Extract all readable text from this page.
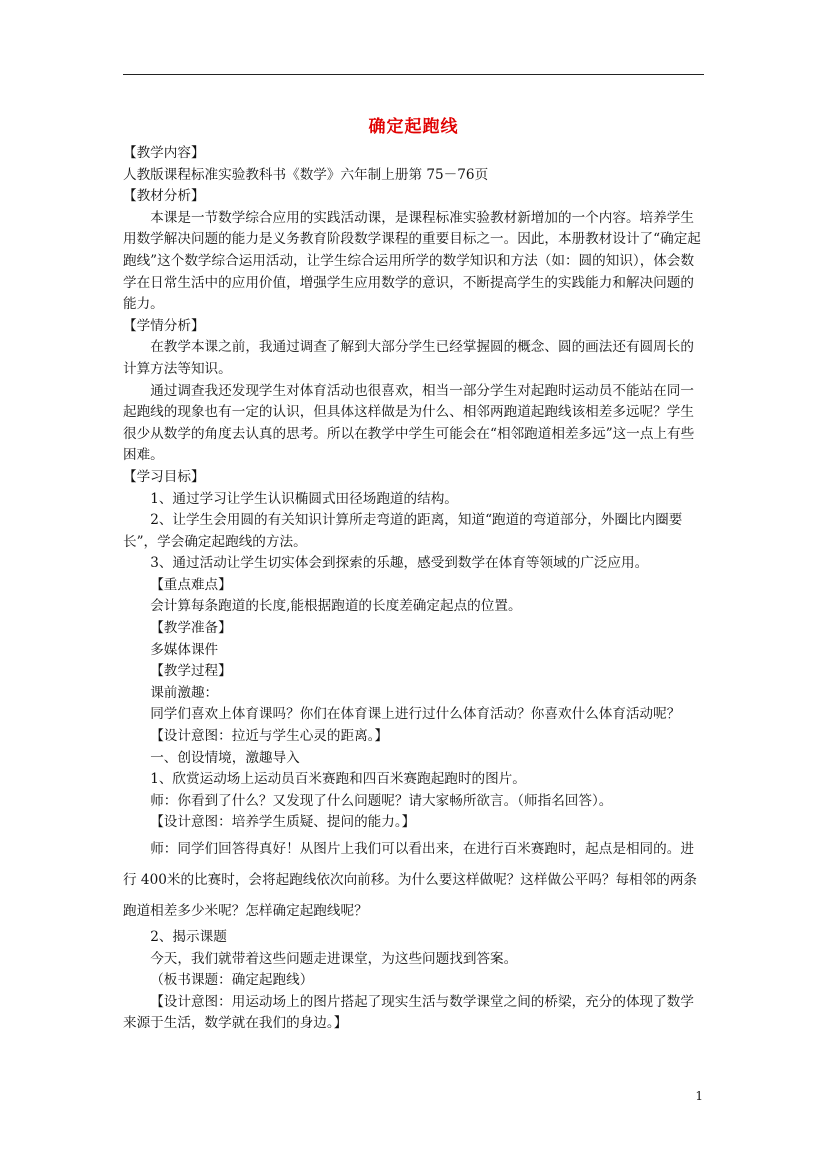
确定起跑线

【教学内容】

人教版课程标准实验教科书《数学》六年制上册第 75－76页

【教材分析】

本课是一节数学综合应用的实践活动课，是课程标准实验教材新增加的一个内容。培养学生用数学解决问题的能力是义务教育阶段数学课程的重要目标之一。因此，本册教材设计了“确定起跑线”这个数学综合运用活动，让学生综合运用所学的数学知识和方法（如：圆的知识），体会数学在日常生活中的应用价值，增强学生应用数学的意识，不断提高学生的实践能力和解决问题的能力。

【学情分析】

在教学本课之前，我通过调查了解到大部分学生已经掌握圆的概念、圆的画法还有圆周长的计算方法等知识。

通过调查我还发现学生对体育活动也很喜欢，相当一部分学生对起跑时运动员不能站在同一起跑线的现象也有一定的认识，但具体这样做是为什么、相邻两跑道起跑线该相差多远呢？学生很少从数学的角度去认真的思考。所以在教学中学生可能会在“相邻跑道相差多远”这一点上有些困难。

【学习目标】

1、通过学习让学生认识椭圆式田径场跑道的结构。

2、让学生会用圆的有关知识计算所走弯道的距离，知道“跑道的弯道部分，外圈比内圈要长”，学会确定起跑线的方法。

3、通过活动让学生切实体会到探索的乐趣，感受到数学在体育等领域的广泛应用。

【重点难点】

会计算每条跑道的长度,能根据跑道的长度差确定起点的位置。

【教学准备】

多媒体课件

【教学过程】

课前激趣：

同学们喜欢上体育课吗？你们在体育课上进行过什么体育活动？你喜欢什么体育活动呢？

【设计意图：拉近与学生心灵的距离。】

一、创设情境，激趣导入

1、欣赏运动场上运动员百米赛跑和四百米赛跑起跑时的图片。

师：你看到了什么？又发现了什么问题呢？请大家畅所欲言。（师指名回答）。

【设计意图：培养学生质疑、提问的能力。】

师：同学们回答得真好！从图片上我们可以看出来，在进行百米赛跑时，起点是相同的。进行 400米的比赛时，会将起跑线依次向前移。为什么要这样做呢？这样做公平吗？每相邻的两条跑道相差多少米呢？怎样确定起跑线呢？

2、揭示课题

今天，我们就带着这些问题走进课堂，为这些问题找到答案。

（板书课题：确定起跑线）

【设计意图：用运动场上的图片搭起了现实生活与数学课堂之间的桥梁，充分的体现了数学来源于生活，数学就在我们的身边。】

1
